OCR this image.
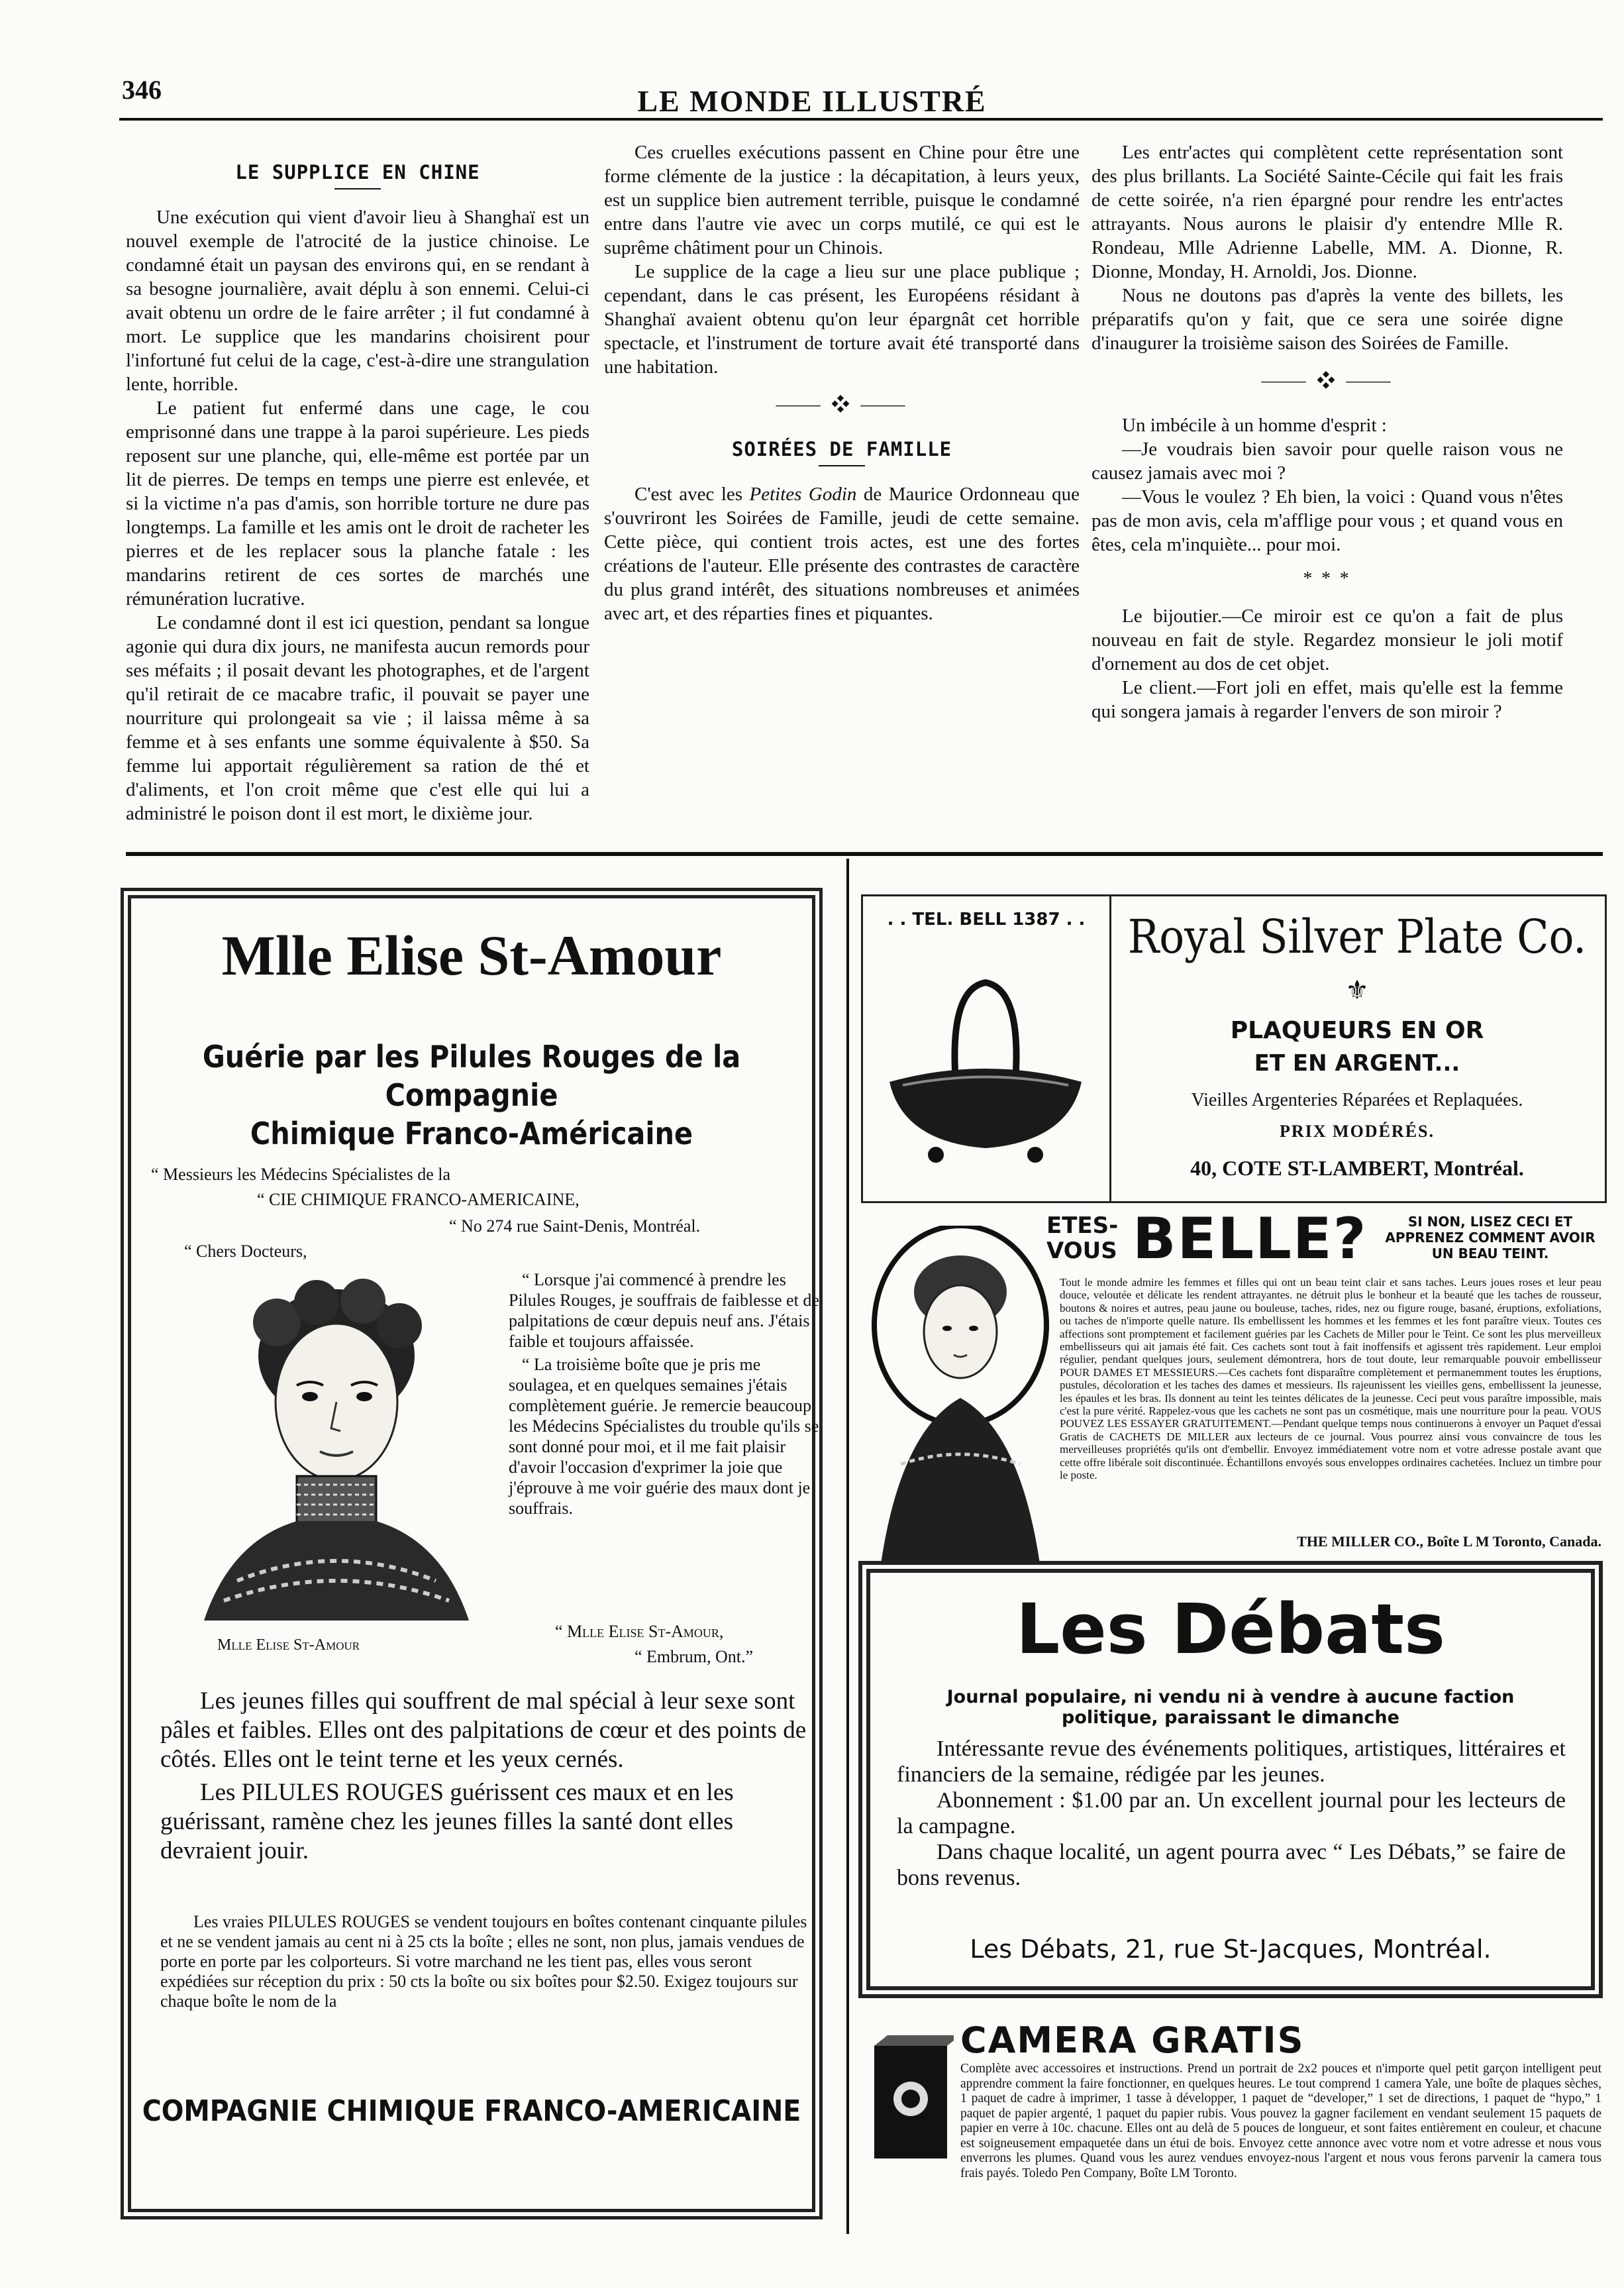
346	LE MONDE ILLUSTRÉ
LE SUPPLICE EN CHINE

Une exécution qui vient d'avoir lieu à Shanghaï est un nouvel exemple de l'atrocité de la justice chinoise. Le condamné était un paysan des environs qui, en se rendant à sa besogne journalière, avait déplu à son ennemi. Celui-ci avait obtenu un ordre de le faire arrêter ; il fut condamné à mort. Le supplice que les mandarins choisirent pour l'infortuné fut celui de la cage, c'est-à-dire une strangulation lente, horrible.

Le patient fut enfermé dans une cage, le cou emprisonné dans une trappe à la paroi supérieure. Les pieds reposent sur une planche, qui, elle-même est portée par un lit de pierres. De temps en temps une pierre est enlevée, et si la victime n'a pas d'amis, son horrible torture ne dure pas longtemps. La famille et les amis ont le droit de racheter les pierres et de les replacer sous la planche fatale : les mandarins retirent de ces sortes de marchés une rémunération lucrative.

Le condamné dont il est ici question, pendant sa longue agonie qui dura dix jours, ne manifesta aucun remords pour ses méfaits ; il posait devant les photographes, et de l'argent qu'il retirait de ce macabre trafic, il pouvait se payer une nourriture qui prolongeait sa vie ; il laissa même à sa femme et à ses enfants une somme équivalente à $50. Sa femme lui apportait régulièrement sa ration de thé et d'aliments, et l'on croit même que c'est elle qui lui a administré le poison dont il est mort, le dixième jour.

Ces cruelles exécutions passent en Chine pour être une forme clémente de la justice : la décapitation, à leurs yeux, est un supplice bien autrement terrible, puisque le condamné entre dans l'autre vie avec un corps mutilé, ce qui est le suprême châtiment pour un Chinois.

Le supplice de la cage a lieu sur une place publique ; cependant, dans le cas présent, les Européens résidant à Shanghaï avaient obtenu qu'on leur épargnât cet horrible spectacle, et l'instrument de torture avait été transporté dans une habitation.

⸻ ❖ ⸻
SOIRÉES DE FAMILLE

C'est avec les Petites Godin de Maurice Ordonneau que s'ouvriront les Soirées de Famille, jeudi de cette semaine. Cette pièce, qui contient trois actes, est une des fortes créations de l'auteur. Elle présente des contrastes de caractère du plus grand intérêt, des situations nombreuses et animées avec art, et des réparties fines et piquantes.

Les entr'actes qui complètent cette représentation sont des plus brillants. La Société Sainte-Cécile qui fait les frais de cette soirée, n'a rien épargné pour rendre les entr'actes attrayants. Nous aurons le plaisir d'y entendre Mlle R. Rondeau, Mlle Adrienne Labelle, MM. A. Dionne, R. Dionne, Monday, H. Arnoldi, Jos. Dionne.

Nous ne doutons pas d'après la vente des billets, les préparatifs qu'on y fait, que ce sera une soirée digne d'inaugurer la troisième saison des Soirées de Famille.

⸻ ❖ ⸻

Un imbécile à un homme d'esprit :

—Je voudrais bien savoir pour quelle raison vous ne causez jamais avec moi ?

—Vous le voulez ? Eh bien, la voici : Quand vous n'êtes pas de mon avis, cela m'afflige pour vous ; et quand vous en êtes, cela m'inquiète... pour moi.

* * *

Le bijoutier.—Ce miroir est ce qu'on a fait de plus nouveau en fait de style. Regardez monsieur le joli motif d'ornement au dos de cet objet.

Le client.—Fort joli en effet, mais qu'elle est la femme qui songera jamais à regarder l'envers de son miroir ?

Mlle Elise St-Amour
Guérie par les Pilules Rouges de la Compagnie
Chimique Franco-Américaine
“ Messieurs les Médecins Spécialistes de la
“ CIE CHIMIQUE FRANCO-AMERICAINE,
“ No 274 rue Saint-Denis, Montréal.
“ Chers Docteurs,
Mlle Elise St-Amour

“ Lorsque j'ai commencé à prendre les Pilules Rouges, je souffrais de faiblesse et de palpitations de cœur depuis neuf ans. J'étais faible et toujours affaissée.

“ La troisième boîte que je pris me soulagea, et en quelques semaines j'étais complètement guérie. Je remercie beaucoup les Médecins Spécialistes du trouble qu'ils se sont donné pour moi, et il me fait plaisir d'avoir l'occasion d'exprimer la joie que j'éprouve à me voir guérie des maux dont je souffrais.

“ Mlle Elise St-Amour,
“ Embrum, Ont.”

Les jeunes filles qui souffrent de mal spécial à leur sexe sont pâles et faibles. Elles ont des palpitations de cœur et des points de côtés. Elles ont le teint terne et les yeux cernés.

Les PILULES ROUGES guérissent ces maux et en les guérissant, ramène chez les jeunes filles la santé dont elles devraient jouir.

Les vraies PILULES ROUGES se vendent toujours en boîtes contenant cinquante pilules et ne se vendent jamais au cent ni à 25 cts la boîte ; elles ne sont, non plus, jamais vendues de porte en porte par les colporteurs. Si votre marchand ne les tient pas, elles vous seront expédiées sur réception du prix : 50 cts la boîte ou six boîtes pour $2.50. Exigez toujours sur chaque boîte le nom de la

COMPAGNIE CHIMIQUE FRANCO-AMERICAINE
. . TEL. BELL 1387 . . Royal Silver Plate Co.
⚜
PLAQUEURS EN OR
ET EN ARGENT...
Vieilles Argenteries Réparées et Replaquées.
PRIX MODÉRÉS.
40, COTE ST-LAMBERT, Montréal.
ETES-
VOUS BELLE?	SI NON, LISEZ CECI ET APPRENEZ COMMENT AVOIR UN BEAU TEINT.
Tout le monde admire les femmes et filles qui ont un beau teint clair et sans taches. Leurs joues roses et leur peau douce, veloutée et délicate les rendent attrayantes. ne détruit plus le bonheur et la beauté que les taches de rousseur, boutons & noires et autres, peau jaune ou bouleuse, taches, rides, nez ou figure rouge, basané, éruptions, exfoliations, ou taches de n'importe quelle nature. Ils embellissent les hommes et les femmes et les font paraître vieux. Toutes ces affections sont promptement et facilement guéries par les Cachets de Miller pour le Teint. Ce sont les plus merveilleux embellisseurs qui ait jamais été fait. Ces cachets sont tout à fait inoffensifs et agissent très rapidement. Leur emploi régulier, pendant quelques jours, seulement démontrera, hors de tout doute, leur remarquable pouvoir embellisseur POUR DAMES ET MESSIEURS.—Ces cachets font disparaître complètement et permanemment toutes les éruptions, pustules, décoloration et les taches des dames et messieurs. Ils rajeunissent les vieilles gens, embellissent la jeunesse, les épaules et les bras. Ils donnent au teint les teintes délicates de la jeunesse. Ceci peut vous paraître impossible, mais c'est la pure vérité. Rappelez-vous que les cachets ne sont pas un cosmétique, mais une nourriture pour la peau. VOUS POUVEZ LES ESSAYER GRATUITEMENT.—Pendant quelque temps nous continuerons à envoyer un Paquet d'essai Gratis de CACHETS DE MILLER aux lecteurs de ce journal. Vous pourrez ainsi vous convaincre de tous les merveilleuses propriétés qu'ils ont d'embellir. Envoyez immédiatement votre nom et votre adresse postale avant que cette offre libérale soit discontinuée. Échantillons envoyés sous enveloppes ordinaires cachetées. Incluez un timbre pour le poste.
THE MILLER CO., Boîte L M Toronto, Canada.
Les Débats
Journal populaire, ni vendu ni à vendre à aucune faction politique, paraissant le dimanche
Intéressante revue des événements politiques, artistiques, littéraires et financiers de la semaine, rédigée par les jeunes.
Abonnement : $1.00 par an. Un excellent journal pour les lecteurs de la campagne.
Dans chaque localité, un agent pourra avec “ Les Débats,” se faire de bons revenus.
Les Débats, 21, rue St-Jacques, Montréal.
CAMERA GRATIS
Complète avec accessoires et instructions. Prend un portrait de 2x2 pouces et n'importe quel petit garçon intelligent peut apprendre comment la faire fonctionner, en quelques heures. Le tout comprend 1 camera Yale, une boîte de plaques sèches, 1 paquet de cadre à imprimer, 1 tasse à développer, 1 paquet de “developer,” 1 set de directions, 1 paquet de “hypo,” 1 paquet de papier argenté, 1 paquet du papier rubis. Vous pouvez la gagner facilement en vendant seulement 15 paquets de papier en verre à 10c. chacune. Elles ont au delà de 5 pouces de longueur, et sont faites entièrement en couleur, et chacune est soigneusement empaquetée dans un étui de bois. Envoyez cette annonce avec votre nom et votre adresse et nous vous enverrons les plumes. Quand vous les aurez vendues envoyez-nous l'argent et nous vous ferons parvenir la camera tous frais payés. Toledo Pen Company, Boîte LM Toronto.
